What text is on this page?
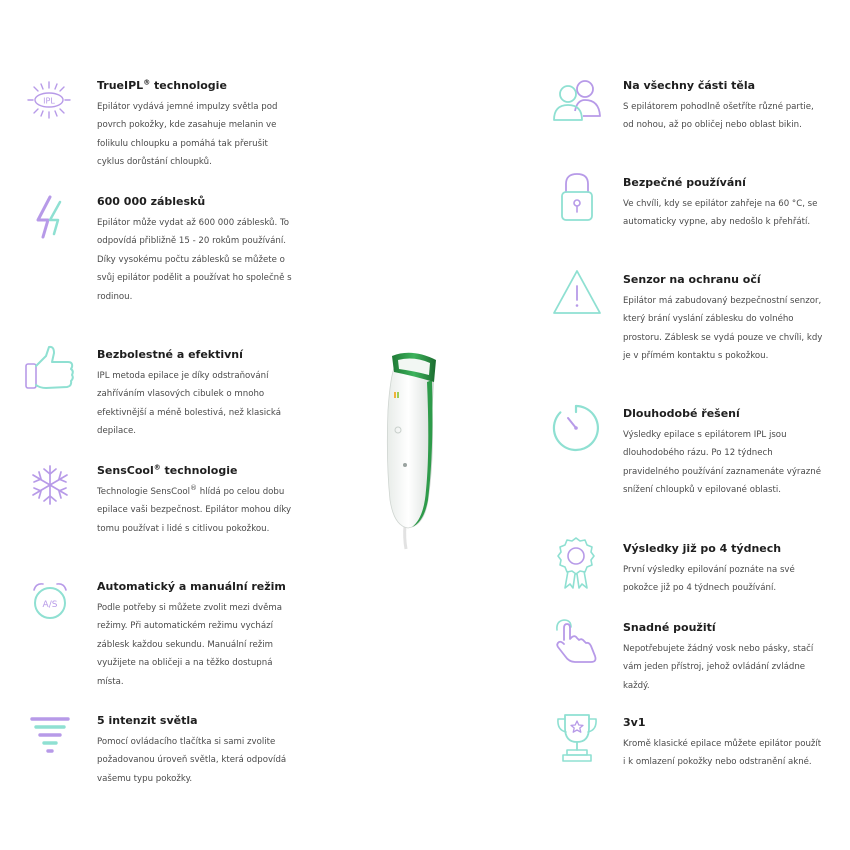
IPL

TrueIPL® technologie

Epilátor vydává jemné impulzy světla pod povrch pokožky, kde zasahuje melanin ve folikulu chloupku a pomáhá tak přerušit cyklus dorůstání chloupků.

600 000 záblesků

Epilátor může vydat až 600 000 záblesků. To odpovídá přibližně 15 - 20 rokům používání. Díky vysokému počtu záblesků se můžete o svůj epilátor podělit a používat ho společně s rodinou.

Bezbolestné a efektivní

IPL metoda epilace je díky odstraňování zahříváním vlasových cibulek o mnoho efektivnější a méně bolestivá, než klasická depilace.

SensCool® technologie

Technologie SensCool® hlídá po celou dobu epilace vaši bezpečnost. Epilátor mohou díky tomu používat i lidé s citlivou pokožkou.

A/S

Automatický a manuální režim

Podle potřeby si můžete zvolit mezi dvěma režimy. Při automatickém režimu vychází záblesk každou sekundu. Manuální režim využijete na obličeji a na těžko dostupná místa.

5 intenzit světla

Pomocí ovládacího tlačítka si sami zvolite požadovanou úroveň světla, která odpovídá vašemu typu pokožky.

Na všechny části těla

S epilátorem pohodlně ošetříte různé partie, od nohou, až po obličej nebo oblast bikin.

Bezpečné používání

Ve chvíli, kdy se epilátor zahřeje na 60 °C, se automaticky vypne, aby nedošlo k přehřátí.

Senzor na ochranu očí

Epilátor má zabudovaný bezpečnostní senzor, který brání vyslání záblesku do volného prostoru. Záblesk se vydá pouze ve chvíli, kdy je v přímém kontaktu s pokožkou.

Dlouhodobé řešení

Výsledky epilace s epilátorem IPL jsou dlouhodobého rázu. Po 12 týdnech pravidelného používání zaznamenáte výrazné snížení chloupků v epilované oblasti.

Výsledky již po 4 týdnech

První výsledky epilování poznáte na své pokožce již po 4 týdnech používání.

Snadné použití

Nepotřebujete žádný vosk nebo pásky, stačí vám jeden přístroj, jehož ovládání zvládne každý.

3v1

Kromě klasické epilace můžete epilátor použít i k omlazení pokožky nebo odstranění akné.
